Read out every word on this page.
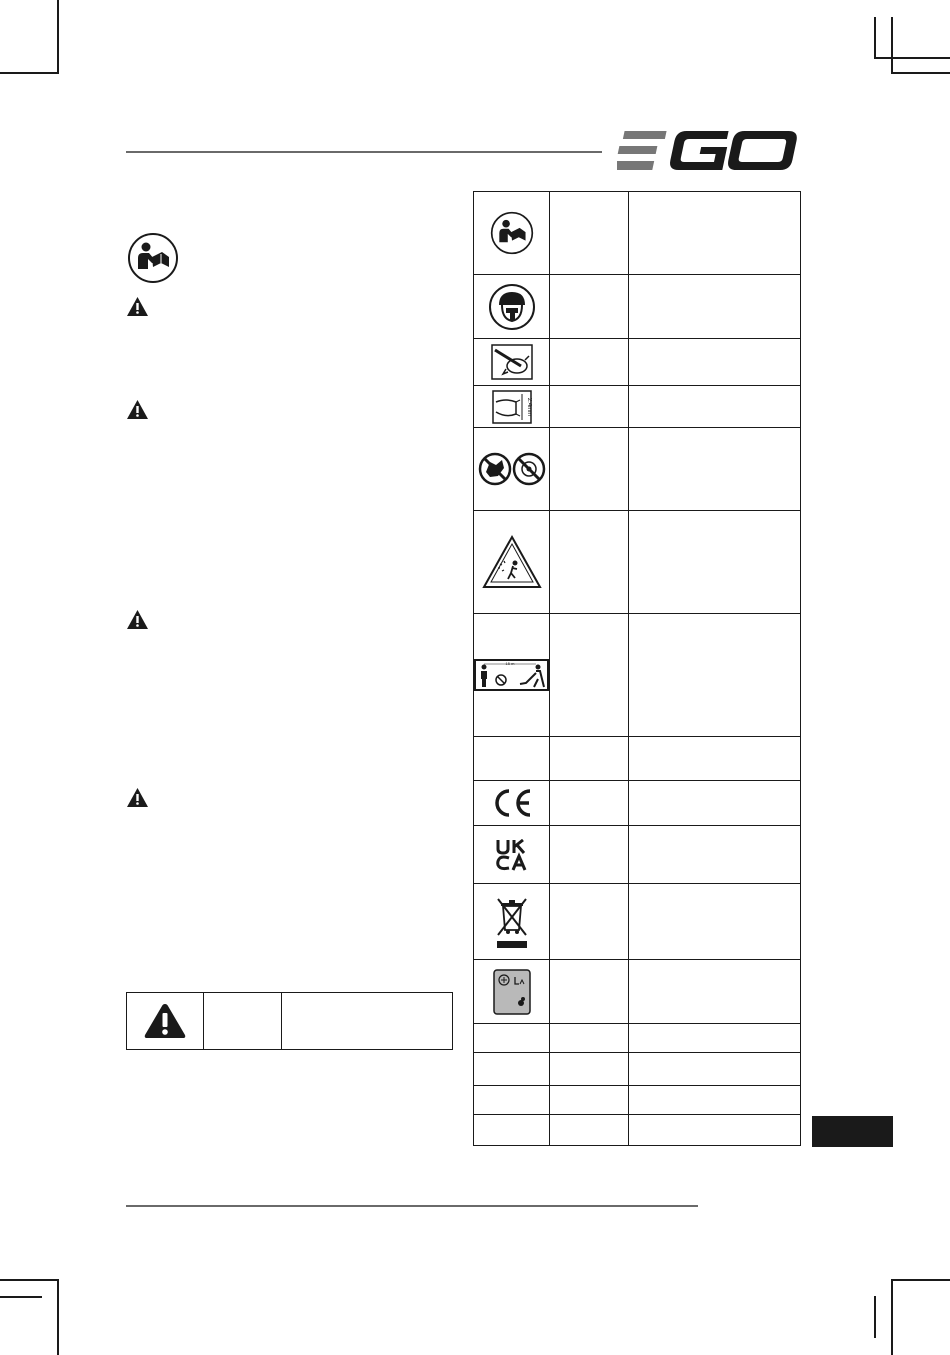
2.4mm		

15 m		
